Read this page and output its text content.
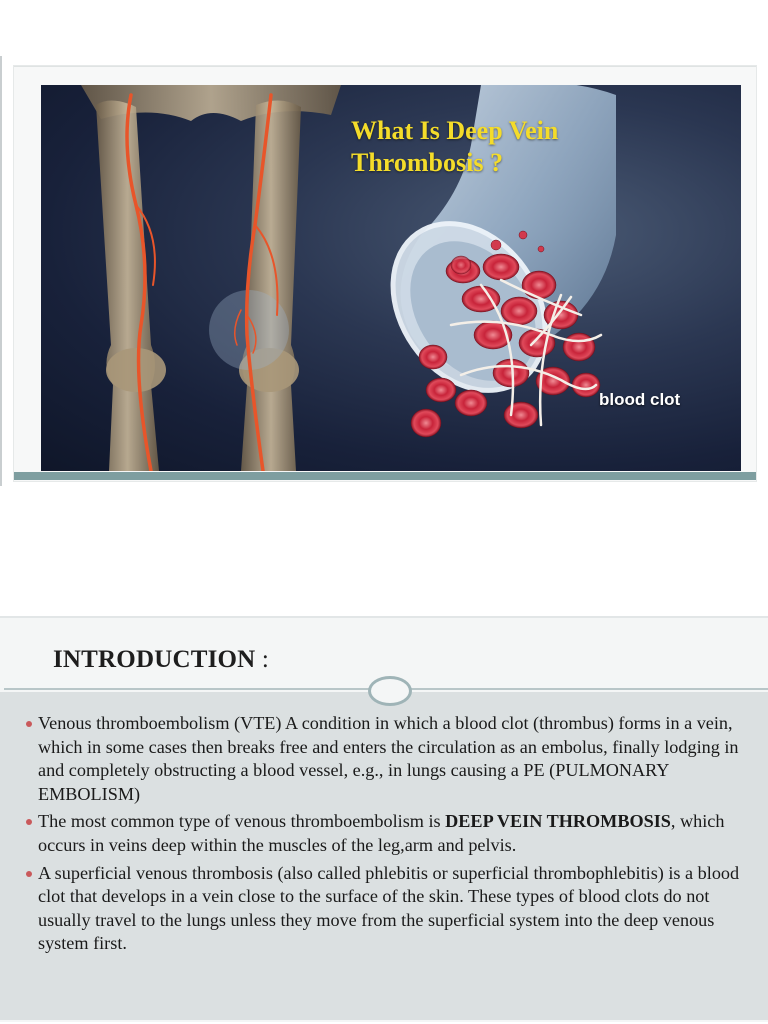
What Is Deep Vein
Thrombosis ?
blood clot
INTRODUCTION :
Venous thromboembolism (VTE) A condition in which a blood clot (thrombus) forms in a vein, which in some cases then breaks free and enters the circulation as an embolus, finally lodging in and completely obstructing a blood vessel, e.g., in lungs causing a PE (PULMONARY EMBOLISM)
The most common type of venous thromboembolism is DEEP VEIN THROMBOSIS, which occurs in veins deep within the muscles of the leg,arm and pelvis.
A superficial venous thrombosis (also called phlebitis or superficial thrombophlebitis) is a blood clot that develops in a vein close to the surface of the skin. These types of blood clots do not usually travel to the lungs unless they move from the superficial system into the deep venous system first.
